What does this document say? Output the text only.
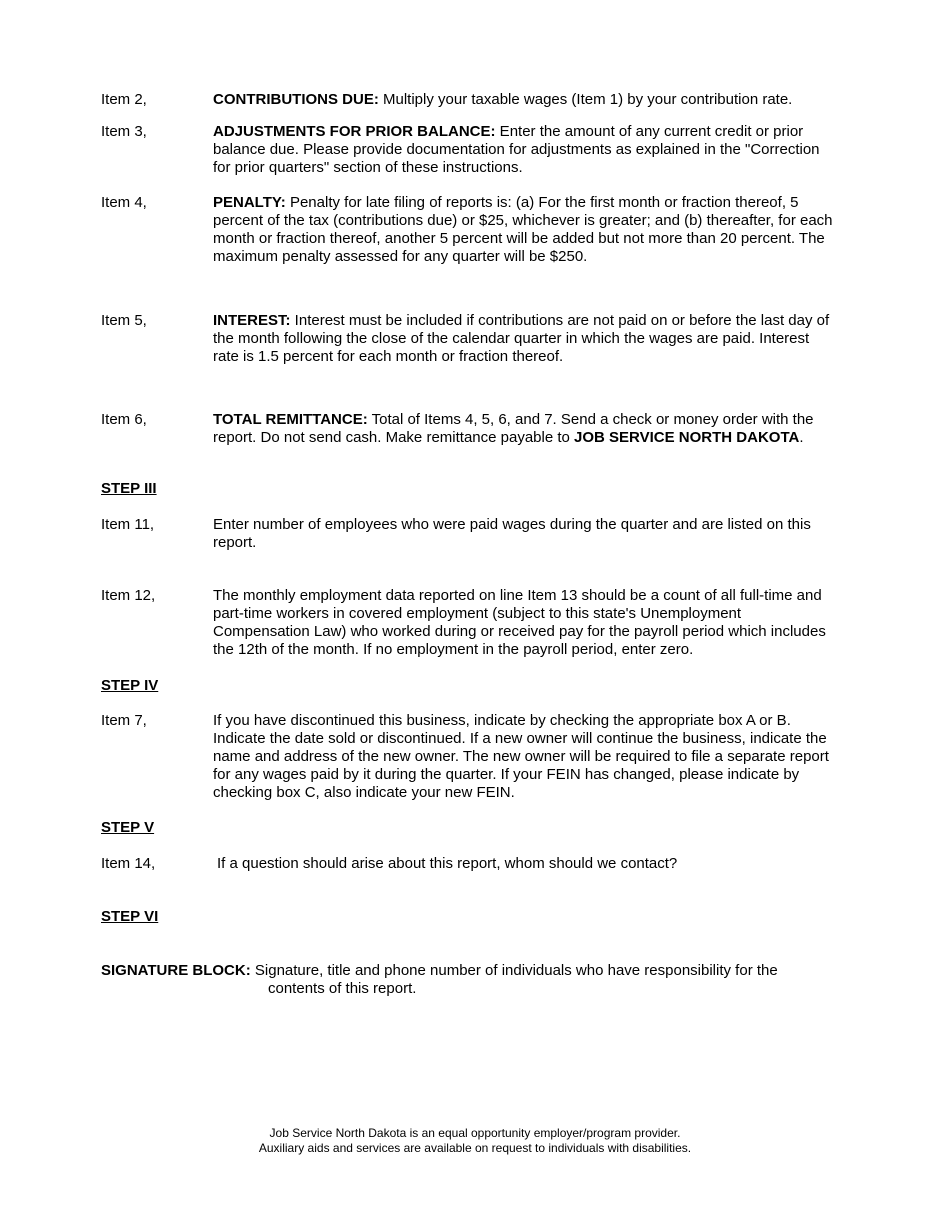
Item 2,	CONTRIBUTIONS DUE: Multiply your taxable wages (Item 1) by your contribution rate.
Item 3,	ADJUSTMENTS FOR PRIOR BALANCE: Enter the amount of any current credit or prior balance due. Please provide documentation for adjustments as explained in the "Correction for prior quarters" section of these instructions.
Item 4,	PENALTY: Penalty for late filing of reports is: (a) For the first month or fraction thereof, 5 percent of the tax (contributions due) or $25, whichever is greater; and (b) thereafter, for each month or fraction thereof, another 5 percent will be added but not more than 20 percent. The maximum penalty assessed for any quarter will be $250.
Item 5,	INTEREST: Interest must be included if contributions are not paid on or before the last day of the month following the close of the calendar quarter in which the wages are paid. Interest rate is 1.5 percent for each month or fraction thereof.
Item 6,	TOTAL REMITTANCE: Total of Items 4, 5, 6, and 7. Send a check or money order with the report. Do not send cash. Make remittance payable to JOB SERVICE NORTH DAKOTA.
STEP III
Item 11,	Enter number of employees who were paid wages during the quarter and are listed on this report.
Item 12,	The monthly employment data reported on line Item 13 should be a count of all full-time and part-time workers in covered employment (subject to this state's Unemployment Compensation Law) who worked during or received pay for the payroll period which includes the 12th of the month. If no employment in the payroll period, enter zero.
STEP IV
Item 7,	If you have discontinued this business, indicate by checking the appropriate box A or B. Indicate the date sold or discontinued. If a new owner will continue the business, indicate the name and address of the new owner. The new owner will be required to file a separate report for any wages paid by it during the quarter. If your FEIN has changed, please indicate by checking box C, also indicate your new FEIN.
STEP V
Item 14,	If a question should arise about this report, whom should we contact?
STEP VI
SIGNATURE BLOCK: Signature, title and phone number of individuals who have responsibility for the
contents of this report.
Job Service North Dakota is an equal opportunity employer/program provider.
Auxiliary aids and services are available on request to individuals with disabilities.
